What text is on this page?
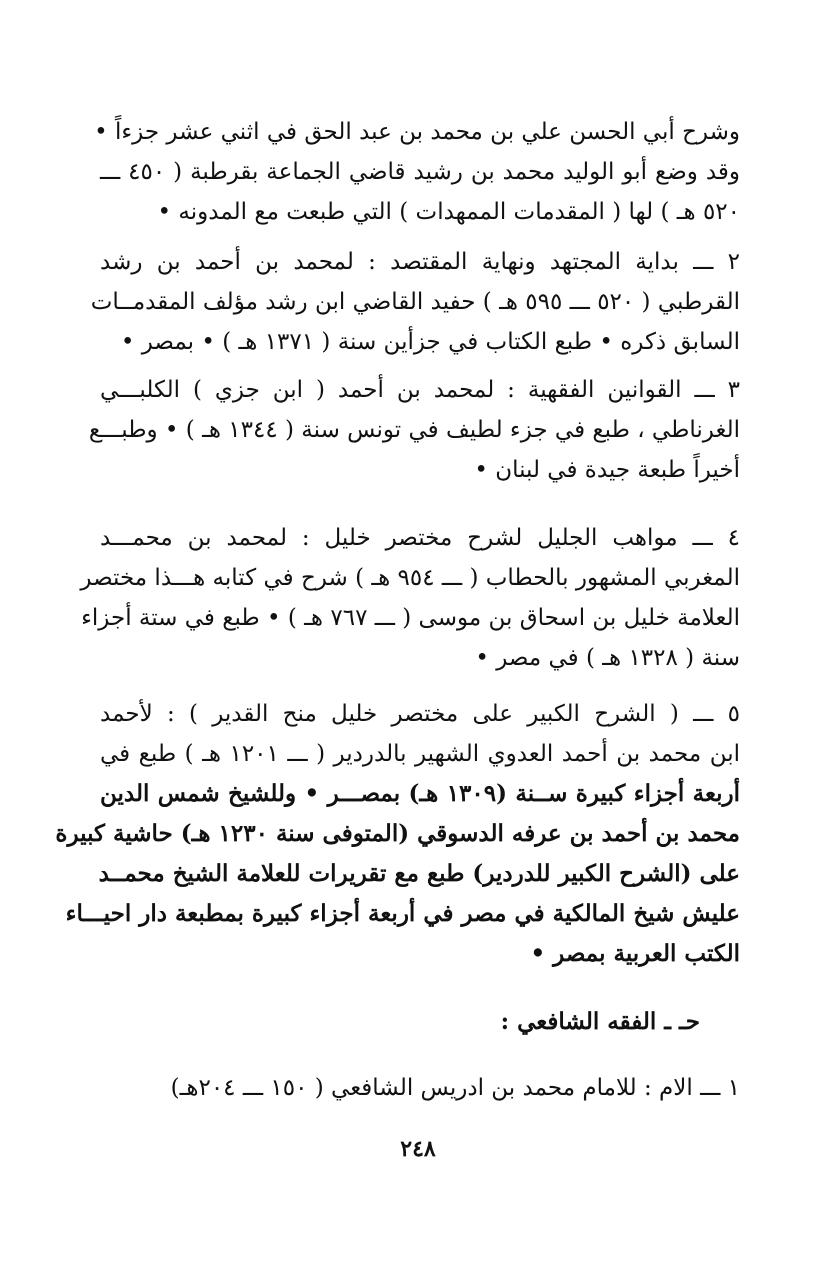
وشرح أبي الحسن علي بن محمد بن عبد الحق في اثني عشر جزءاً •
وقد وضع أبو الوليد محمد بن رشيد قاضي الجماعة بقرطبة ( ٤٥٠ ـــ
٥٢٠ هـ ) لها ( المقدمات الممهدات ) التي طبعت مع المدونه •
٢ ـــ بداية المجتهد ونهاية المقتصد : لمحمد بن أحمد بن رشد
القرطبي ( ٥٢٠ ـــ ٥٩٥ هـ ) حفيد القاضي ابن رشد مؤلف المقدمــات
السابق ذكره • طبع الكتاب في جزأين سنة ( ١٣٧١ هـ ) • بمصر •
٣ ـــ القوانين الفقهية : لمحمد بن أحمد ( ابن جزي ) الكلبـــي
الغرناطي ، طبع في جزء لطيف في تونس سنة ( ١٣٤٤ هـ ) • وطبـــع
أخيراً طبعة جيدة في لبنان •
٤ ـــ مواهب الجليل لشرح مختصر خليل : لمحمد بن محمـــد
المغربي المشهور بالحطاب ( ـــ ٩٥٤ هـ ) شرح في كتابه هـــذا مختصر
العلامة خليل بن اسحاق بن موسى ( ـــ ٧٦٧ هـ ) • طبع في ستة أجزاء
سنة ( ١٣٢٨ هـ ) في مصر •
٥ ـــ ( الشرح الكبير على مختصر خليل منح القدير ) : لأحمد
ابن محمد بن أحمد العدوي الشهير بالدردير ( ـــ ١٢٠١ هـ ) طبع في
أربعة أجزاء كبيرة ســنة (١٣٠٩ هـ) بمصـــر • وللشيخ شمس الدين
محمد بن أحمد بن عرفه الدسوقي (المتوفى سنة ١٢٣٠ هـ) حاشية كبيرة
على (الشرح الكبير للدردير) طبع مع تقريرات للعلامة الشيخ محمــد
عليش شيخ المالكية في مصر في أربعة أجزاء كبيرة بمطبعة دار احيـــاء
الكتب العربية بمصر •
حـ ـ الفقه الشافعي :
١ ـــ الام : للامام محمد بن ادريس الشافعي ( ١٥٠ ـــ ٢٠٤هـ)
٢٤٨
